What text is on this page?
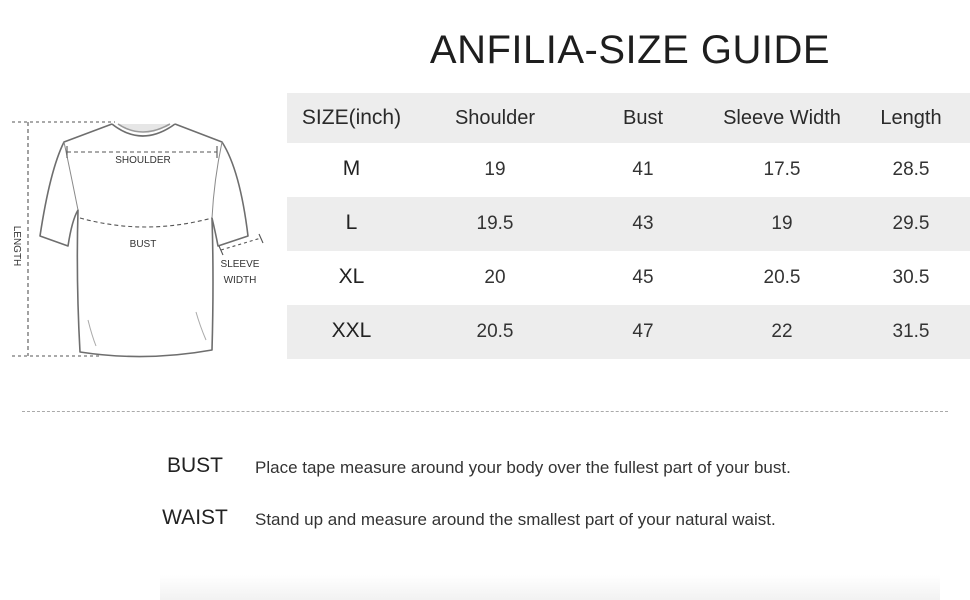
ANFILIA-SIZE GUIDE
SHOULDER
BUST
LENGTH	SLEEVE
WIDTH
SIZE(inch)	Shoulder	Bust	Sleeve Width	Length
M	19	41	17.5	28.5
L	19.5	43	19	29.5
XL	20	45	20.5	30.5
XXL	20.5	47	22	31.5
BUST	Place tape measure around your body over the fullest part of your bust.
WAIST	Stand up and measure around the smallest part of your natural waist.
